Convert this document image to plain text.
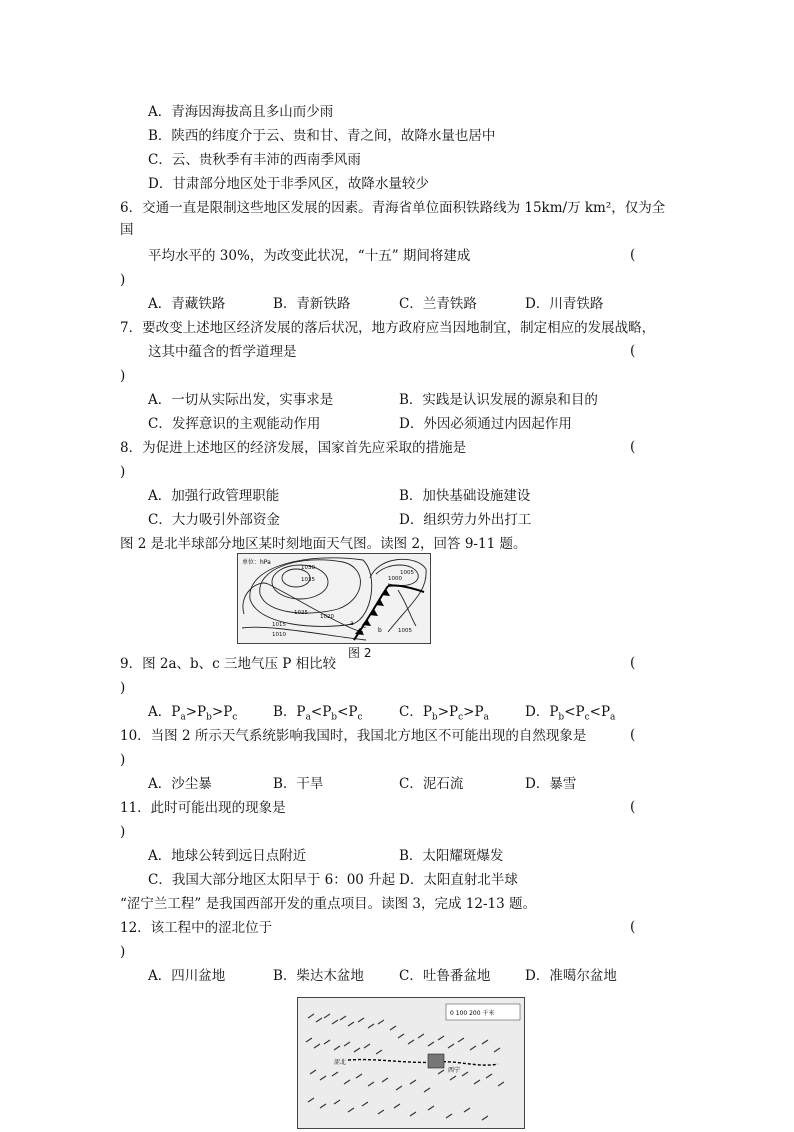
A．青海因海拔高且多山而少雨
B．陕西的纬度介于云、贵和甘、青之间，故降水量也居中
C．云、贵秋季有丰沛的西南季风雨
D．甘肃部分地区处于非季风区，故降水量较少
6．交通一直是限制这些地区发展的因素。青海省单位面积铁路线为 15km/万 km²，仅为全
国
平均水平的 30%，为改变此状况，“十五” 期间将建成	(
)
A．青藏铁路	B．青新铁路	C．兰青铁路	D．川青铁路
7．要改变上述地区经济发展的落后状况，地方政府应当因地制宜，制定相应的发展战略，
这其中蕴含的哲学道理是	(
)
A．一切从实际出发，实事求是	B．实践是认识发展的源泉和目的
C．发挥意识的主观能动作用	D．外因必须通过内因起作用
8．为促进上述地区的经济发展，国家首先应采取的措施是	(
)
A．加强行政管理职能	B．加快基础设施建设
C．大力吸引外部资金	D．组织劳力外出打工
图 2 是北半球部分地区某时刻地面天气图。读图 2，回答 9-11 题。
单位：hPa
1035
1030
1025
1020
1015
1010
1000
1005
1005
a
b
c
图 2
9．图 2a、b、c 三地气压 P 相比较	(
)
A．$P_a>P_b>P_c$	B．$P_a<P_b<P_c$	C．$P_b>P_c>P_a$	D．$P_b<P_c<P_a$
10．当图 2 所示天气系统影响我国时，我国北方地区不可能出现的自然现象是	(
)
A．沙尘暴	B．干旱	C．泥石流	D．暴雪
11．此时可能出现的现象是	(
)
A．地球公转到远日点附近	B．太阳耀斑爆发
C．我国大部分地区太阳早于 6：00 升起 D．太阳直射北半球
“涩宁兰工程” 是我国西部开发的重点项目。读图 3，完成 12-13 题。
12．该工程中的涩北位于	(
)
A．四川盆地	B．柴达木盆地	C．吐鲁番盆地	D．准噶尔盆地
0 100 200 千米
涩北
西宁
